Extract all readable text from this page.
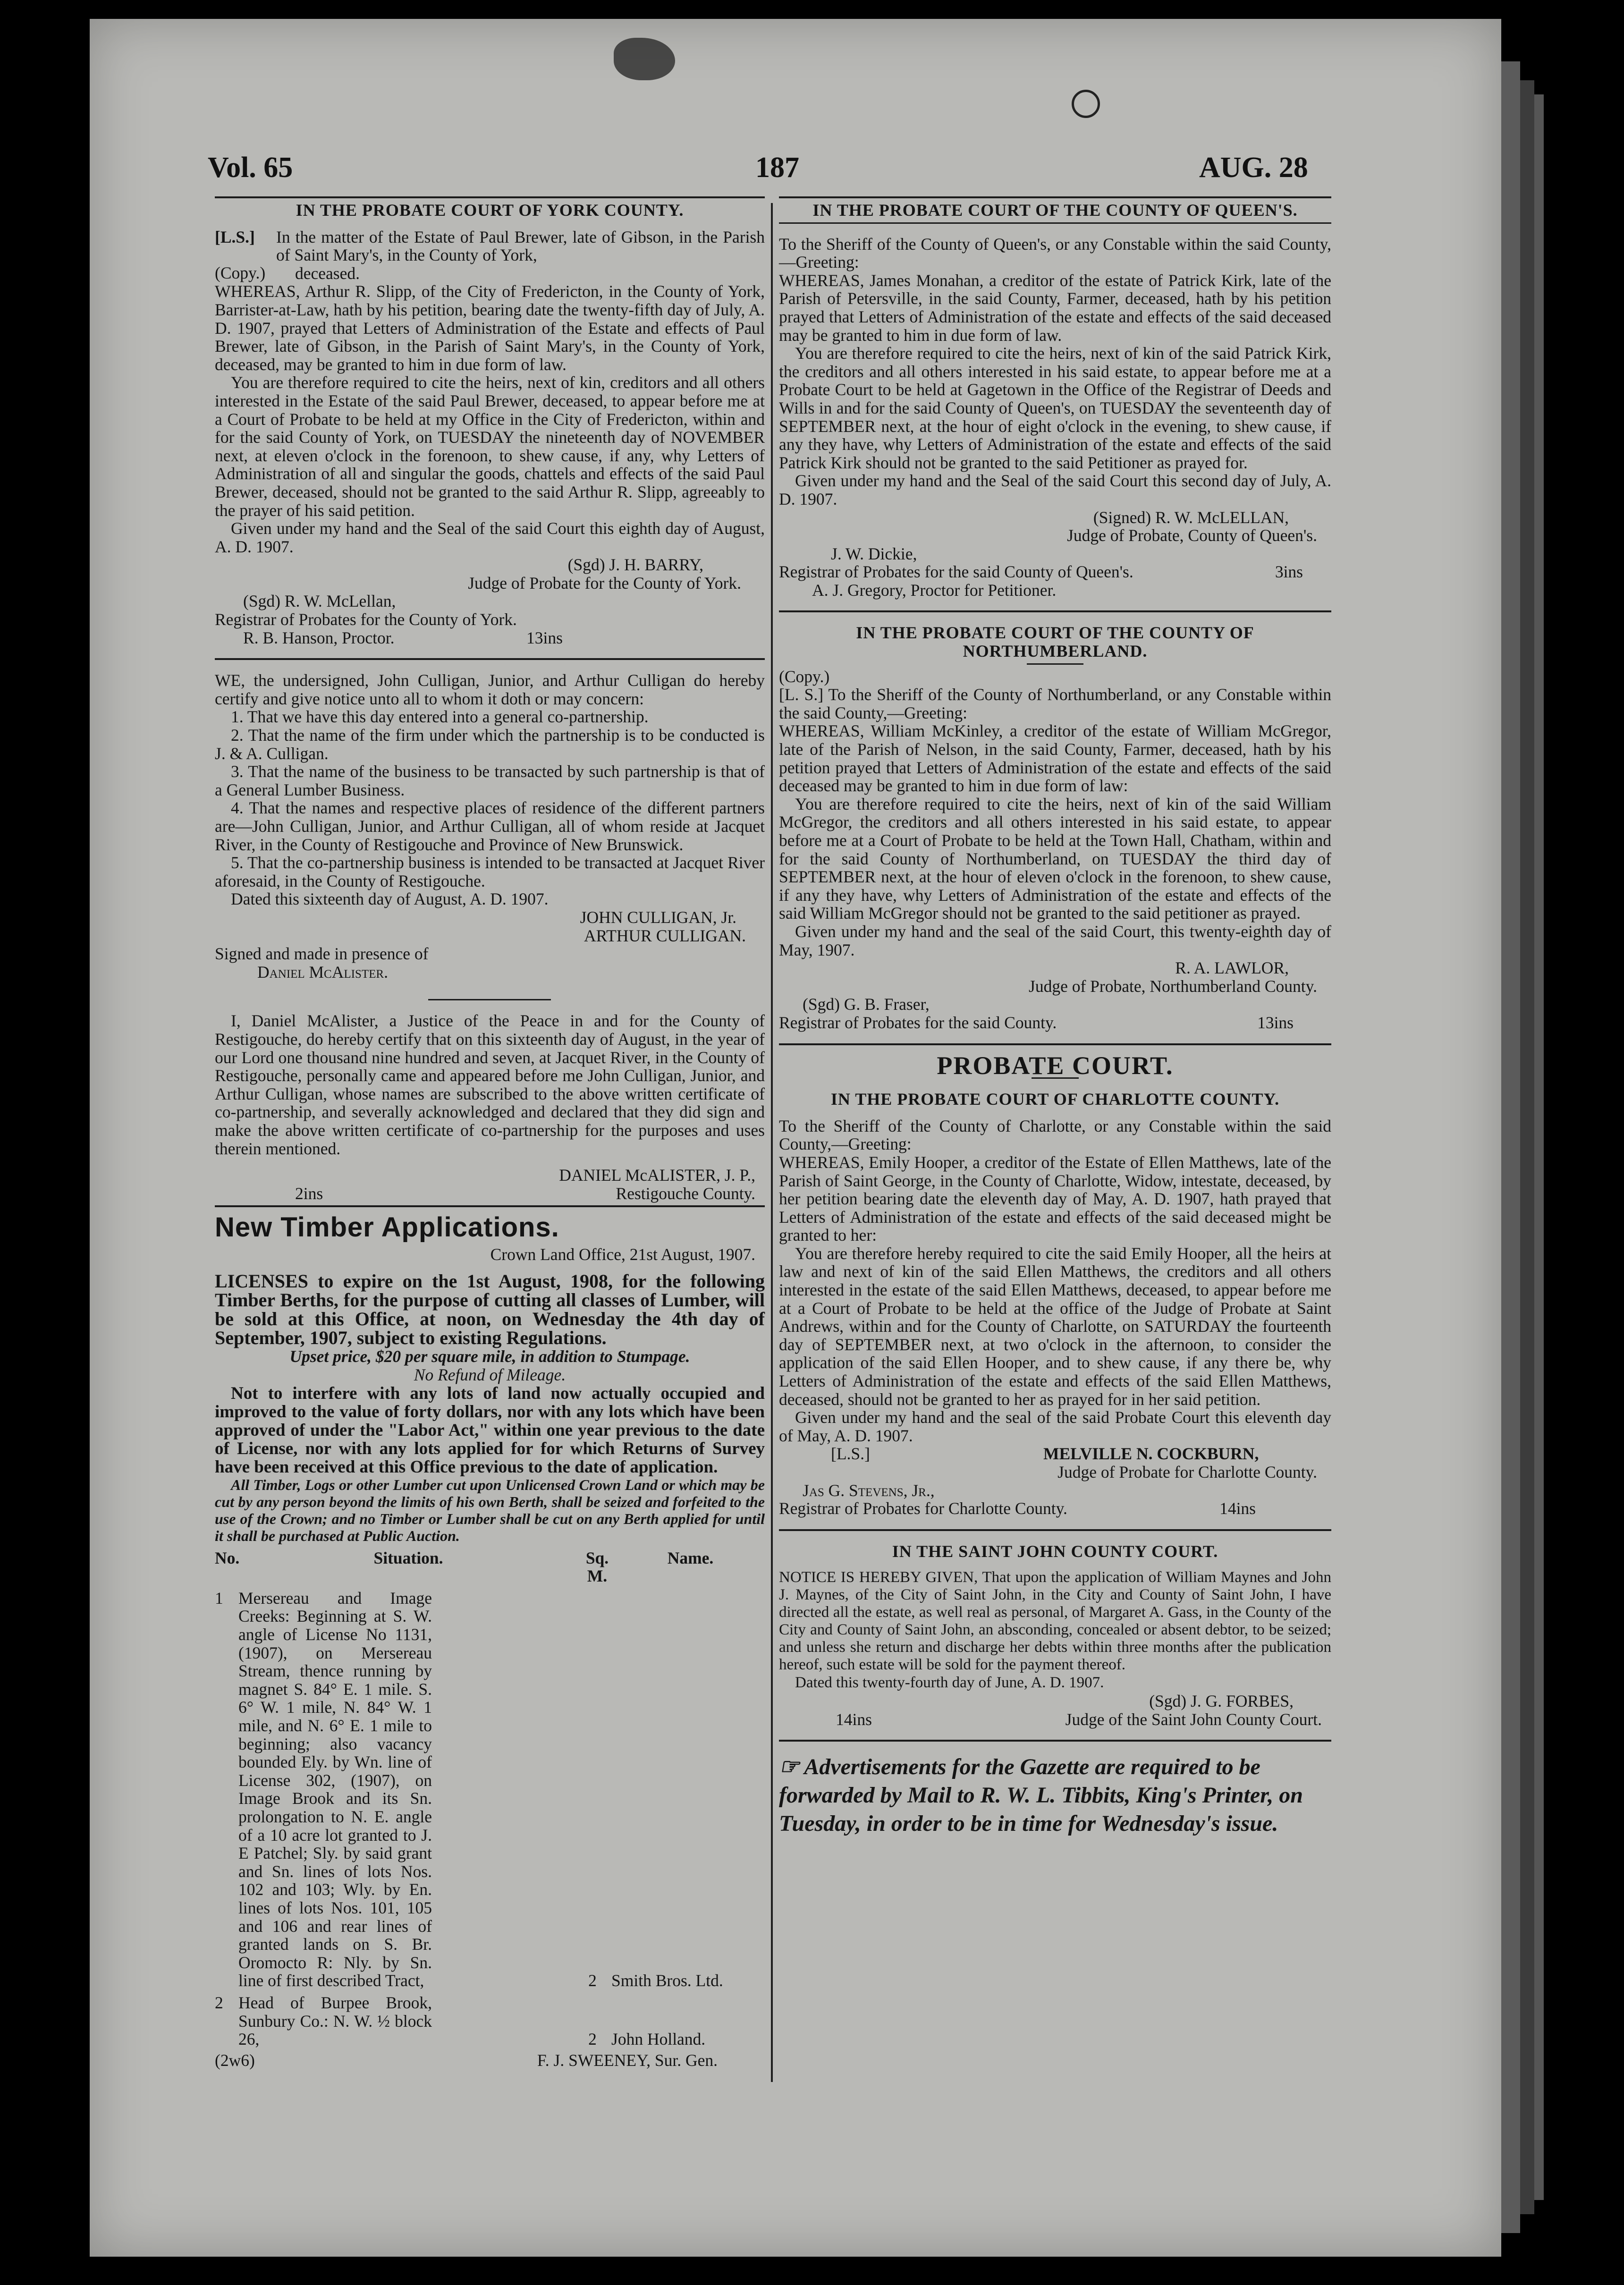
Vol. 65	187	AUG. 28

IN THE PROBATE COURT OF YORK COUNTY.

[L.S.]
(Copy.)

In the matter of the Estate of Paul Brewer, late of Gibson, in the Parish of Saint Mary's, in the County of York,

deceased.

WHEREAS, Arthur R. Slipp, of the City of Fredericton, in the County of York, Barrister-at-Law, hath by his petition, bearing date the twenty-fifth day of July, A. D. 1907, prayed that Letters of Administration of the Estate and effects of Paul Brewer, late of Gibson, in the Parish of Saint Mary's, in the County of York, deceased, may be granted to him in due form of law.

You are therefore required to cite the heirs, next of kin, creditors and all others interested in the Estate of the said Paul Brewer, deceased, to appear before me at a Court of Probate to be held at my Office in the City of Fredericton, within and for the said County of York, on TUESDAY the nineteenth day of NOVEMBER next, at eleven o'clock in the forenoon, to shew cause, if any, why Letters of Administration of all and singular the goods, chattels and effects of the said Paul Brewer, deceased, should not be granted to the said Arthur R. Slipp, agreeably to the prayer of his said petition.

Given under my hand and the Seal of the said Court this eighth day of August, A. D. 1907.

(Sgd) J. H. BARRY,

Judge of Probate for the County of York.

(Sgd) R. W. McLellan,

Registrar of Probates for the County of York.

R. B. Hanson, Proctor.	13ins

WE, the undersigned, John Culligan, Junior, and Arthur Culligan do hereby certify and give notice unto all to whom it doth or may concern:

1. That we have this day entered into a general co-partnership.

2. That the name of the firm under which the partnership is to be conducted is J. & A. Culligan.

3. That the name of the business to be transacted by such partnership is that of a General Lumber Business.

4. That the names and respective places of residence of the different partners are—John Culligan, Junior, and Arthur Culligan, all of whom reside at Jacquet River, in the County of Restigouche and Province of New Brunswick.

5. That the co-partnership business is intended to be transacted at Jacquet River aforesaid, in the County of Restigouche.

Dated this sixteenth day of August, A. D. 1907.

JOHN CULLIGAN, Jr.

ARTHUR CULLIGAN.

Signed and made in presence of

Daniel McAlister.

I, Daniel McAlister, a Justice of the Peace in and for the County of Restigouche, do hereby certify that on this sixteenth day of August, in the year of our Lord one thousand nine hundred and seven, at Jacquet River, in the County of Restigouche, personally came and appeared before me John Culligan, Junior, and Arthur Culligan, whose names are subscribed to the above written certificate of co-partnership, and severally acknowledged and declared that they did sign and make the above written certificate of co-partnership for the purposes and uses therein mentioned.

DANIEL McALISTER, J. P.,

2ins	Restigouche County.

New Timber Applications.

Crown Land Office, 21st August, 1907.

LICENSES to expire on the 1st August, 1908, for the following Timber Berths, for the purpose of cutting all classes of Lumber, will be sold at this Office, at noon, on Wednesday the 4th day of September, 1907, subject to existing Regulations.

Upset price, $20 per square mile, in addition to Stumpage.

No Refund of Mileage.

Not to interfere with any lots of land now actually occupied and improved to the value of forty dollars, nor with any lots which have been approved of under the "Labor Act," within one year previous to the date of License, nor with any lots applied for for which Returns of Survey have been received at this Office previous to the date of application.

All Timber, Logs or other Lumber cut upon Unlicensed Crown Land or which may be cut by any person beyond the limits of his own Berth, shall be seized and forfeited to the use of the Crown; and no Timber or Lumber shall be cut on any Berth applied for until it shall be purchased at Public Auction.

No.	Situation.	Sq. M.
Name.
1 Mersereau and Image Creeks: Beginning at S. W. angle of License No 1131, (1907), on Mersereau Stream, thence running by magnet S. 84° E. 1 mile. S. 6° W. 1 mile, N. 84° W. 1 mile, and N. 6° E. 1 mile to beginning; also vacancy bounded Ely. by Wn. line of License 302, (1907), on Image Brook and its Sn. prolongation to N. E. angle of a 10 acre lot granted to J. E Patchel; Sly. by said grant and Sn. lines of lots Nos. 102 and 103; Wly. by En. lines of lots Nos. 101, 105 and 106 and rear lines of granted lands on S. Br. Oromocto R: Nly. by Sn. line of first described Tract,	2 Smith Bros. Ltd.
2 Head of Burpee Brook, Sunbury Co.: N. W. ½ block 26,	2 John Holland.

(2w6)	F. J. SWEENEY, Sur. Gen.

IN THE PROBATE COURT OF THE COUNTY OF QUEEN'S.

To the Sheriff of the County of Queen's, or any Constable within the said County,—Greeting:

WHEREAS, James Monahan, a creditor of the estate of Patrick Kirk, late of the Parish of Petersville, in the said County, Farmer, deceased, hath by his petition prayed that Letters of Administration of the estate and effects of the said deceased may be granted to him in due form of law.

You are therefore required to cite the heirs, next of kin of the said Patrick Kirk, the creditors and all others interested in his said estate, to appear before me at a Probate Court to be held at Gagetown in the Office of the Registrar of Deeds and Wills in and for the said County of Queen's, on TUESDAY the seventeenth day of SEPTEMBER next, at the hour of eight o'clock in the evening, to shew cause, if any they have, why Letters of Administration of the estate and effects of the said Patrick Kirk should not be granted to the said Petitioner as prayed for.

Given under my hand and the Seal of the said Court this second day of July, A. D. 1907.

(Signed) R. W. McLELLAN,

Judge of Probate, County of Queen's.

J. W. Dickie,

Registrar of Probates for the said County of Queen's.	3ins

A. J. Gregory, Proctor for Petitioner.

IN THE PROBATE COURT OF THE COUNTY OF NORTHUMBERLAND.

(Copy.)

[L. S.] To the Sheriff of the County of Northumberland, or any Constable within the said County,—Greeting:

WHEREAS, William McKinley, a creditor of the estate of William McGregor, late of the Parish of Nelson, in the said County, Farmer, deceased, hath by his petition prayed that Letters of Administration of the estate and effects of the said deceased may be granted to him in due form of law:

You are therefore required to cite the heirs, next of kin of the said William McGregor, the creditors and all others interested in his said estate, to appear before me at a Court of Probate to be held at the Town Hall, Chatham, within and for the said County of Northumberland, on TUESDAY the third day of SEPTEMBER next, at the hour of eleven o'clock in the forenoon, to shew cause, if any they have, why Letters of Administration of the estate and effects of the said William McGregor should not be granted to the said petitioner as prayed.

Given under my hand and the seal of the said Court, this twenty-eighth day of May, 1907.

R. A. LAWLOR,

Judge of Probate, Northumberland County.

(Sgd) G. B. Fraser,

Registrar of Probates for the said County.	13ins

PROBATE COURT.

IN THE PROBATE COURT OF CHARLOTTE COUNTY.

To the Sheriff of the County of Charlotte, or any Constable within the said County,—Greeting:

WHEREAS, Emily Hooper, a creditor of the Estate of Ellen Matthews, late of the Parish of Saint George, in the County of Charlotte, Widow, intestate, deceased, by her petition bearing date the eleventh day of May, A. D. 1907, hath prayed that Letters of Administration of the estate and effects of the said deceased might be granted to her:

You are therefore hereby required to cite the said Emily Hooper, all the heirs at law and next of kin of the said Ellen Matthews, the creditors and all others interested in the estate of the said Ellen Matthews, deceased, to appear before me at a Court of Probate to be held at the office of the Judge of Probate at Saint Andrews, within and for the County of Charlotte, on SATURDAY the fourteenth day of SEPTEMBER next, at two o'clock in the afternoon, to consider the application of the said Ellen Hooper, and to shew cause, if any there be, why Letters of Administration of the estate and effects of the said Ellen Matthews, deceased, should not be granted to her as prayed for in her said petition.

Given under my hand and the seal of the said Probate Court this eleventh day of May, A. D. 1907.

[L.S.]	MELVILLE N. COCKBURN,

Judge of Probate for Charlotte County.

Jas G. Stevens, Jr.,

Registrar of Probates for Charlotte County.	14ins

IN THE SAINT JOHN COUNTY COURT.

NOTICE IS HEREBY GIVEN, That upon the application of William Maynes and John J. Maynes, of the City of Saint John, in the City and County of Saint John, I have directed all the estate, as well real as personal, of Margaret A. Gass, in the County of the City and County of Saint John, an absconding, concealed or absent debtor, to be seized; and unless she return and discharge her debts within three months after the publication hereof, such estate will be sold for the payment thereof.

Dated this twenty-fourth day of June, A. D. 1907.

(Sgd) J. G. FORBES,

14ins	Judge of the Saint John County Court.

☞ Advertisements for the Gazette are required to be forwarded by Mail to R. W. L. Tibbits, King's Printer, on Tuesday, in order to be in time for Wednesday's issue.
